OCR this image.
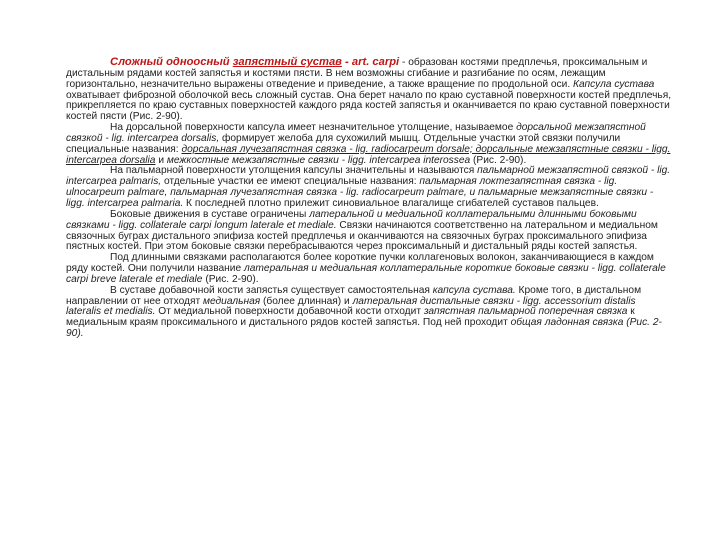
Сложный одноосный запястный сустав - art. carpi - образован костями предплечья, проксимальным и дистальным рядами костей запястья и костями пясти. В нем возможны сгибание и разгибание по осям, лежащим горизонтально, незначительно выражены отведение и приведение, а также вращение по продольной оси. Капсула сустава охватывает фиброзной оболочкой весь сложный сустав. Она берет начало по краю суставной поверхности костей предплечья, прикрепляется по краю суставных поверхностей каждого ряда костей запястья и оканчивается по краю суставной поверхности костей пясти (Рис. 2-90).

На дорсальной поверхности капсула имеет незначительное утолщение, называемое дорсальной межзапястной связкой - lig. intercarpea dorsalis, формирует желоба для сухожилий мышц. Отдельные участки этой связки получили специальные названия: дорсальная лучезапястная связка - lig. radiocarpeum dorsale; дорсальные межзапястные связки - ligg. intercarpea dorsalia и межкостные межзапястные связки - ligg. intercarpea interossea (Рис. 2-90).

На пальмарной поверхности утолщения капсулы значительны и называются пальмарной межзапястной связкой - lig. intercarpea palmaris, отдельные участки ее имеют специальные названия: пальмарная локтезапястная связка - lig. ulnocarpeum palmare, пальмарная лучезапястная связка - lig. radiocarpeum palmare, и пальмарные межзапястные связки - ligg. intercarpea palmaria. К последней плотно прилежит синовиальное влагалище сгибателей суставов пальцев.

Боковые движения в суставе ограничены латеральной и медиальной коллатеральными длинными боковыми связками - ligg. collaterale carpi longum laterale et mediale. Связки начинаются соответственно на латеральном и медиальном связочных буграх дистального эпифиза костей предплечья и оканчиваются на связочных буграх проксимального эпифиза пястных костей. При этом боковые связки перебрасываются через проксимальный и дистальный ряды костей запястья.

Под длинными связками располагаются более короткие пучки коллагеновых волокон, заканчивающиеся в каждом ряду костей. Они получили название латеральная и медиальная коллатеральные короткие боковые связки - ligg. collaterale carpi breve laterale et mediale (Рис. 2-90).

В суставе добавочной кости запястья существует самостоятельная капсула сустава. Кроме того, в дистальном направлении от нее отходят медиальная (более длинная) и латеральная дистальные связки - ligg. accessorium distalis lateralis et medialis. От медиальной поверхности добавочной кости отходит запястная пальмарной поперечная связка к медиальным краям проксимального и дистального рядов костей запястья. Под ней проходит общая ладонная связка (Рис. 2-90).
